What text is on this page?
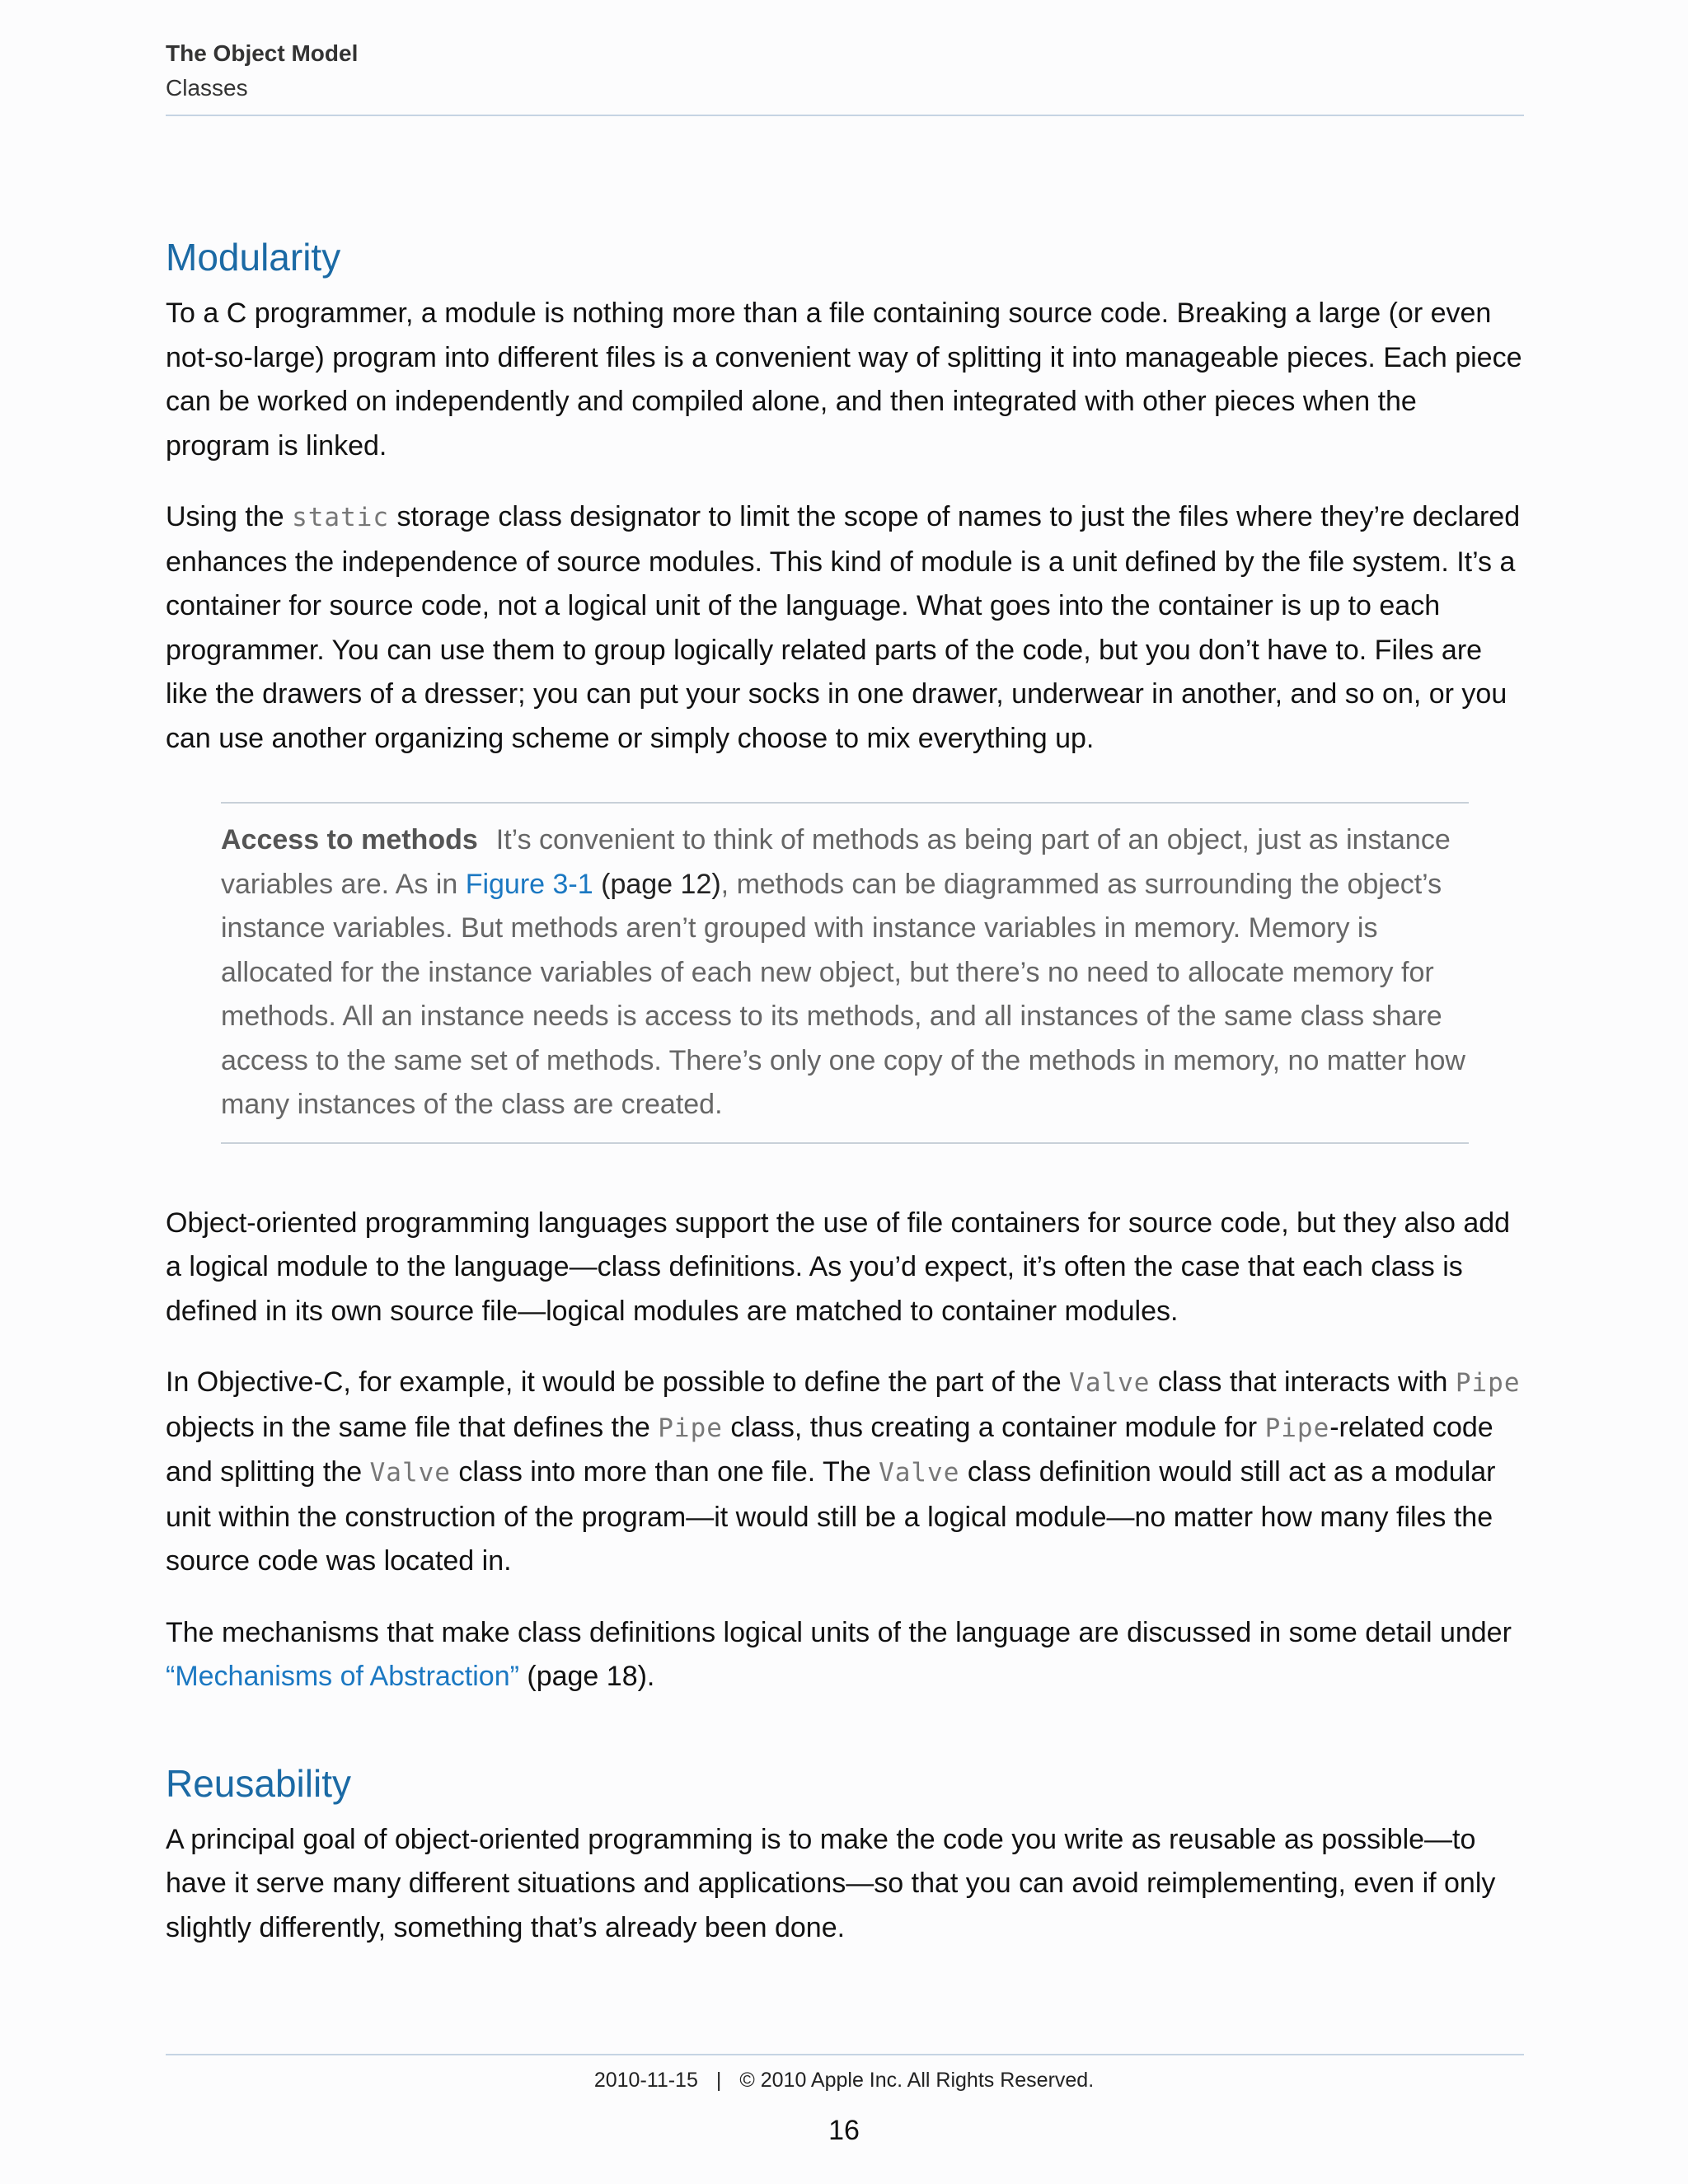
The Object Model
Classes
Modularity

To a C programmer, a module is nothing more than a file containing source code. Breaking a large (or even not-so-large) program into different files is a convenient way of splitting it into manageable pieces. Each piece can be worked on independently and compiled alone, and then integrated with other pieces when the program is linked.

Using the static storage class designator to limit the scope of names to just the files where they’re declared enhances the independence of source modules. This kind of module is a unit defined by the file system. It’s a container for source code, not a logical unit of the language. What goes into the container is up to each programmer. You can use them to group logically related parts of the code, but you don’t have to. Files are like the drawers of a dresser; you can put your socks in one drawer, underwear in another, and so on, or you can use another organizing scheme or simply choose to mix everything up.

Access to methods It’s convenient to think of methods as being part of an object, just as instance variables are. As in Figure 3-1 (page 12), methods can be diagrammed as surrounding the object’s instance variables. But methods aren’t grouped with instance variables in memory. Memory is allocated for the instance variables of each new object, but there’s no need to allocate memory for methods. All an instance needs is access to its methods, and all instances of the same class share access to the same set of methods. There’s only one copy of the methods in memory, no matter how many instances of the class are created.

Object-oriented programming languages support the use of file containers for source code, but they also add a logical module to the language—class definitions. As you’d expect, it’s often the case that each class is defined in its own source file—logical modules are matched to container modules.

In Objective-C, for example, it would be possible to define the part of the Valve class that interacts with Pipe objects in the same file that defines the Pipe class, thus creating a container module for Pipe-related code and splitting the Valve class into more than one file. The Valve class definition would still act as a modular unit within the construction of the program—it would still be a logical module—no matter how many files the source code was located in.

The mechanisms that make class definitions logical units of the language are discussed in some detail under “Mechanisms of Abstraction” (page 18).

Reusability

A principal goal of object-oriented programming is to make the code you write as reusable as possible—to have it serve many different situations and applications—so that you can avoid reimplementing, even if only slightly differently, something that’s already been done.

2010-11-15 | © 2010 Apple Inc. All Rights Reserved.
16
